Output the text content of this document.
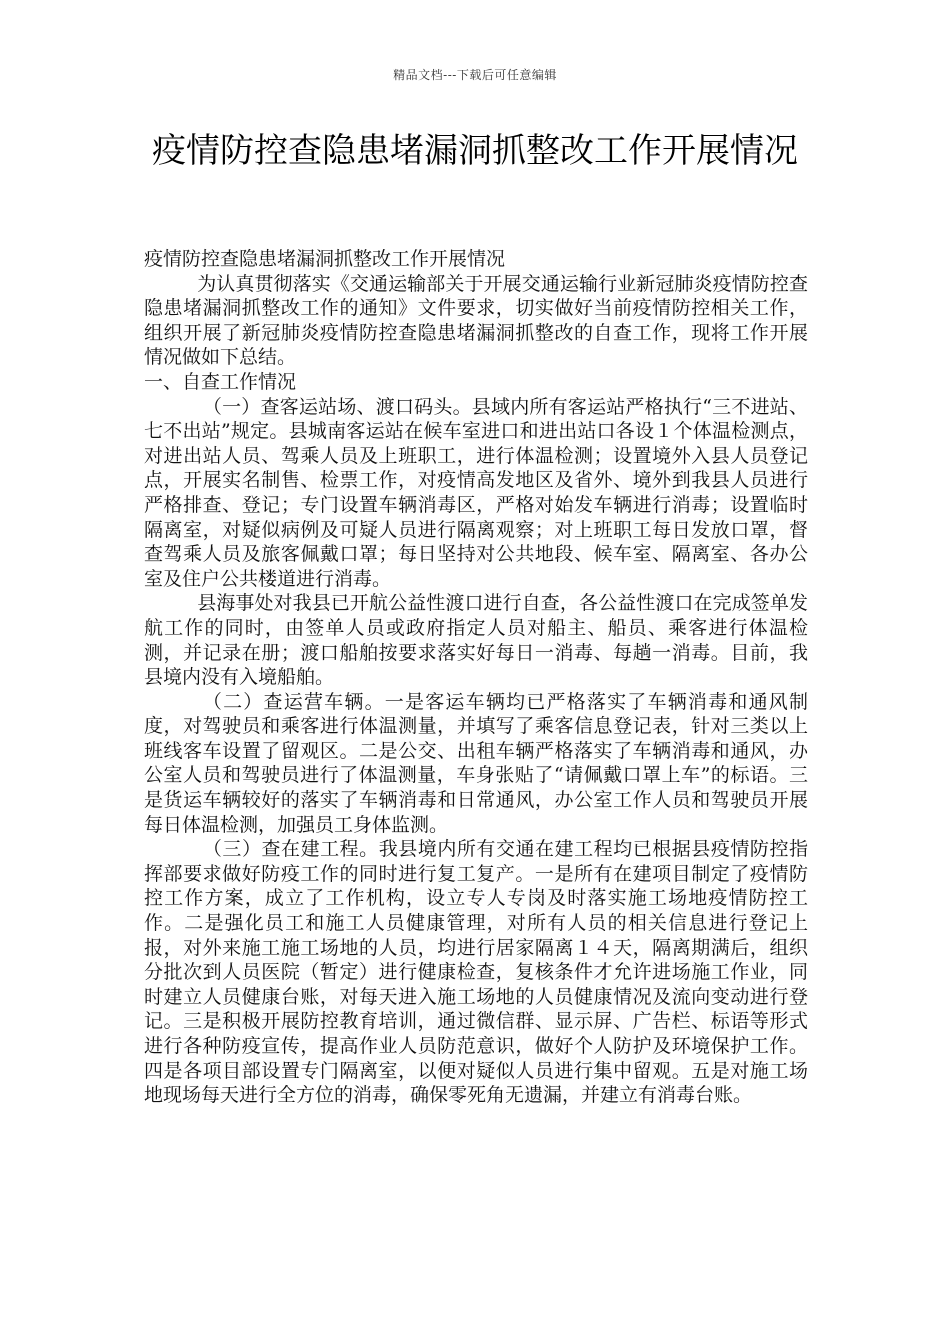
精品文档---下载后可任意编辑
疫情防控查隐患堵漏洞抓整改工作开展情况

疫情防控查隐患堵漏洞抓整改工作开展情况

为认真贯彻落实《交通运输部关于开展交通运输行业新冠肺炎疫情防控查隐患堵漏洞抓整改工作的通知》文件要求，切实做好当前疫情防控相关工作，组织开展了新冠肺炎疫情防控查隐患堵漏洞抓整改的自查工作，现将工作开展情况做如下总结。

一、自查工作情况

（一）查客运站场、渡口码头。县域内所有客运站严格执行“三不进站、七不出站”规定。县城南客运站在候车室进口和进出站口各设１个体温检测点，对进出站人员、驾乘人员及上班职工，进行体温检测；设置境外入县人员登记点，开展实名制售、检票工作，对疫情高发地区及省外、境外到我县人员进行严格排查、登记；专门设置车辆消毒区，严格对始发车辆进行消毒；设置临时隔离室，对疑似病例及可疑人员进行隔离观察；对上班职工每日发放口罩，督查驾乘人员及旅客佩戴口罩；每日坚持对公共地段、候车室、隔离室、各办公室及住户公共楼道进行消毒。

县海事处对我县已开航公益性渡口进行自查，各公益性渡口在完成签单发航工作的同时，由签单人员或政府指定人员对船主、船员、乘客进行体温检测，并记录在册；渡口船舶按要求落实好每日一消毒、每趟一消毒。目前，我县境内没有入境船舶。

（二）查运营车辆。一是客运车辆均已严格落实了车辆消毒和通风制度，对驾驶员和乘客进行体温测量，并填写了乘客信息登记表，针对三类以上班线客车设置了留观区。二是公交、出租车辆严格落实了车辆消毒和通风，办公室人员和驾驶员进行了体温测量，车身张贴了“请佩戴口罩上车”的标语。三是货运车辆较好的落实了车辆消毒和日常通风，办公室工作人员和驾驶员开展每日体温检测，加强员工身体监测。

（三）查在建工程。我县境内所有交通在建工程均已根据县疫情防控指挥部要求做好防疫工作的同时进行复工复产。一是所有在建项目制定了疫情防控工作方案，成立了工作机构，设立专人专岗及时落实施工场地疫情防控工作。二是强化员工和施工人员健康管理，对所有人员的相关信息进行登记上报，对外来施工施工场地的人员，均进行居家隔离１４天，隔离期满后，组织分批次到人员医院（暂定）进行健康检查，复核条件才允许进场施工作业，同时建立人员健康台账，对每天进入施工场地的人员健康情况及流向变动进行登记。三是积极开展防控教育培训，通过微信群、显示屏、广告栏、标语等形式进行各种防疫宣传，提高作业人员防范意识，做好个人防护及环境保护工作。四是各项目部设置专门隔离室，以便对疑似人员进行集中留观。五是对施工场地现场每天进行全方位的消毒，确保零死角无遗漏，并建立有消毒台账。
